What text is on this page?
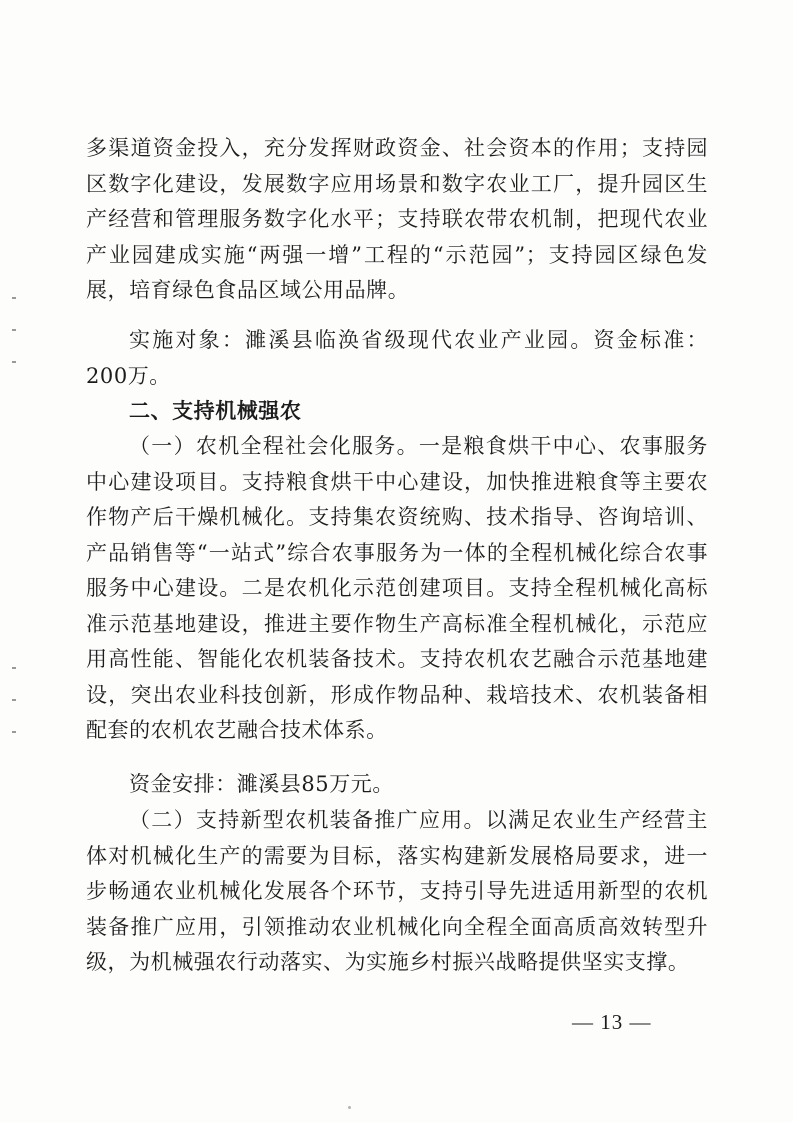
多渠道资金投入，充分发挥财政资金、社会资本的作用；支持园区数字化建设，发展数字应用场景和数字农业工厂，提升园区生产经营和管理服务数字化水平；支持联农带农机制，把现代农业产业园建成实施“两强一增”工程的“示范园”；支持园区绿色发展，培育绿色食品区域公用品牌。

实施对象：濉溪县临涣省级现代农业产业园。资金标准：200万。

二、支持机械强农

（一）农机全程社会化服务。一是粮食烘干中心、农事服务中心建设项目。支持粮食烘干中心建设，加快推进粮食等主要农作物产后干燥机械化。支持集农资统购、技术指导、咨询培训、产品销售等“一站式”综合农事服务为一体的全程机械化综合农事服务中心建设。二是农机化示范创建项目。支持全程机械化高标准示范基地建设，推进主要作物生产高标准全程机械化，示范应用高性能、智能化农机装备技术。支持农机农艺融合示范基地建设，突出农业科技创新，形成作物品种、栽培技术、农机装备相配套的农机农艺融合技术体系。

资金安排：濉溪县85万元。

（二）支持新型农机装备推广应用。以满足农业生产经营主体对机械化生产的需要为目标，落实构建新发展格局要求，进一步畅通农业机械化发展各个环节，支持引导先进适用新型的农机装备推广应用，引领推动农业机械化向全程全面高质高效转型升级，为机械强农行动落实、为实施乡村振兴战略提供坚实支撑。

— 13 —
